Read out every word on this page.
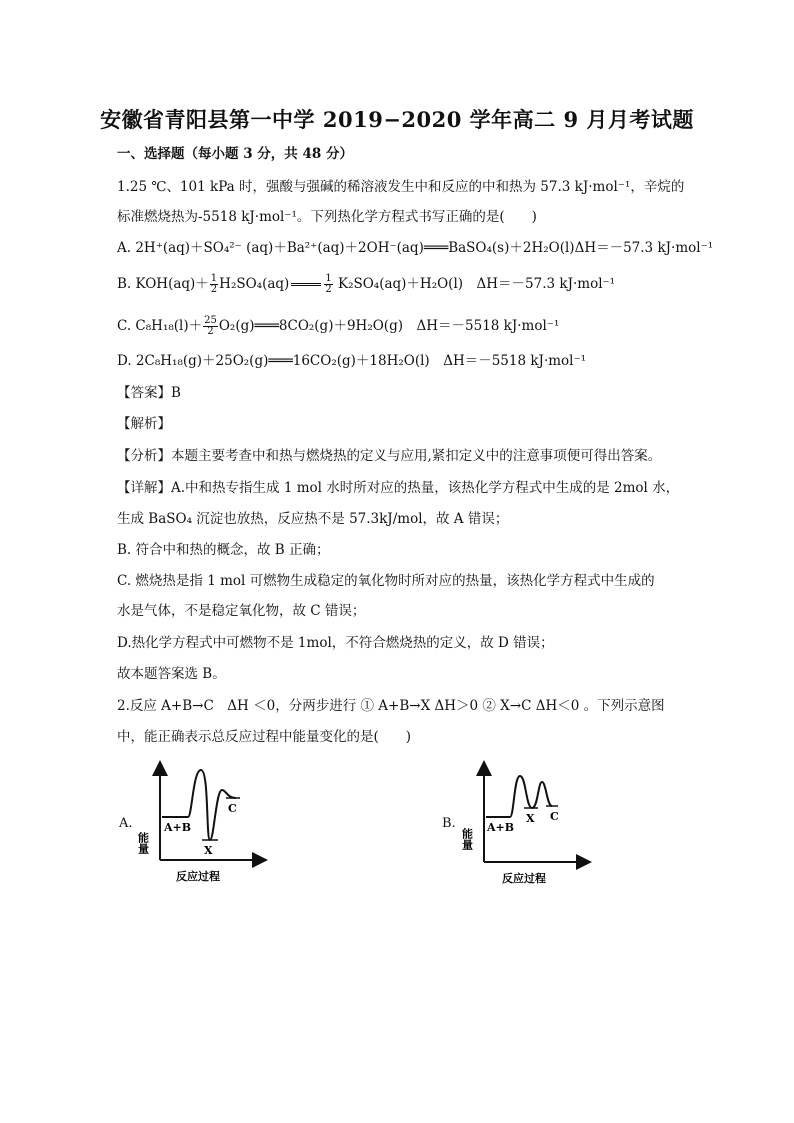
安徽省青阳县第一中学 2019−2020 学年高二 9 月月考试题
一、选择题（每小题 3 分，共 48 分）
1.25 ℃、101 kPa 时，强酸与强碱的稀溶液发生中和反应的中和热为 57.3 kJ·mol⁻¹，辛烷的
标准燃烧热为-5518 kJ·mol⁻¹。下列热化学方程式书写正确的是(　　)
A. 2H⁺(aq)＋SO₄²⁻ (aq)＋Ba²⁺(aq)＋2OH⁻(aq)═══BaSO₄(s)＋2H₂O(l)ΔH＝－57.3 kJ·mol⁻¹
B. $KOH(aq)+ \frac{1}{2} H_2SO_4(aq)$	$\frac{1}{2} K_2SO_4(aq)+H_2O(l)$　ΔH＝－57.3 kJ·mol⁻¹
C. $C_8H_{18}(l)+ \frac{25}{2}$ O₂(g)═══8CO₂(g)＋9H₂O(g)　ΔH＝－5518 kJ·mol⁻¹
D. 2C₈H₁₈(g)＋25O₂(g)═══16CO₂(g)＋18H₂O(l)　ΔH＝－5518 kJ·mol⁻¹
【答案】B
【解析】
【分析】本题主要考查中和热与燃烧热的定义与应用,紧扣定义中的注意事项便可得出答案。
【详解】A.中和热专指生成 1 mol 水时所对应的热量，该热化学方程式中生成的是 2mol 水，
生成 BaSO₄ 沉淀也放热，反应热不是 57.3kJ/mol，故 A 错误；
B. 符合中和热的概念，故 B 正确；
C. 燃烧热是指 1 mol 可燃物生成稳定的氧化物时所对应的热量，该热化学方程式中生成的
水是气体，不是稳定氧化物，故 C 错误；
D.热化学方程式中可燃物不是 1mol，不符合燃烧热的定义，故 D 错误；
故本题答案选 B。
2.反应 A+B→C　ΔH ＜0，分两步进行 ① A+B→X ΔH＞0 ② X→C ΔH＜0 。下列示意图
中，能正确表示总反应过程中能量变化的是(　　)
A.
能量
A+B
X
C
反应过程
B.
能量
A+B
X C
反应过程
